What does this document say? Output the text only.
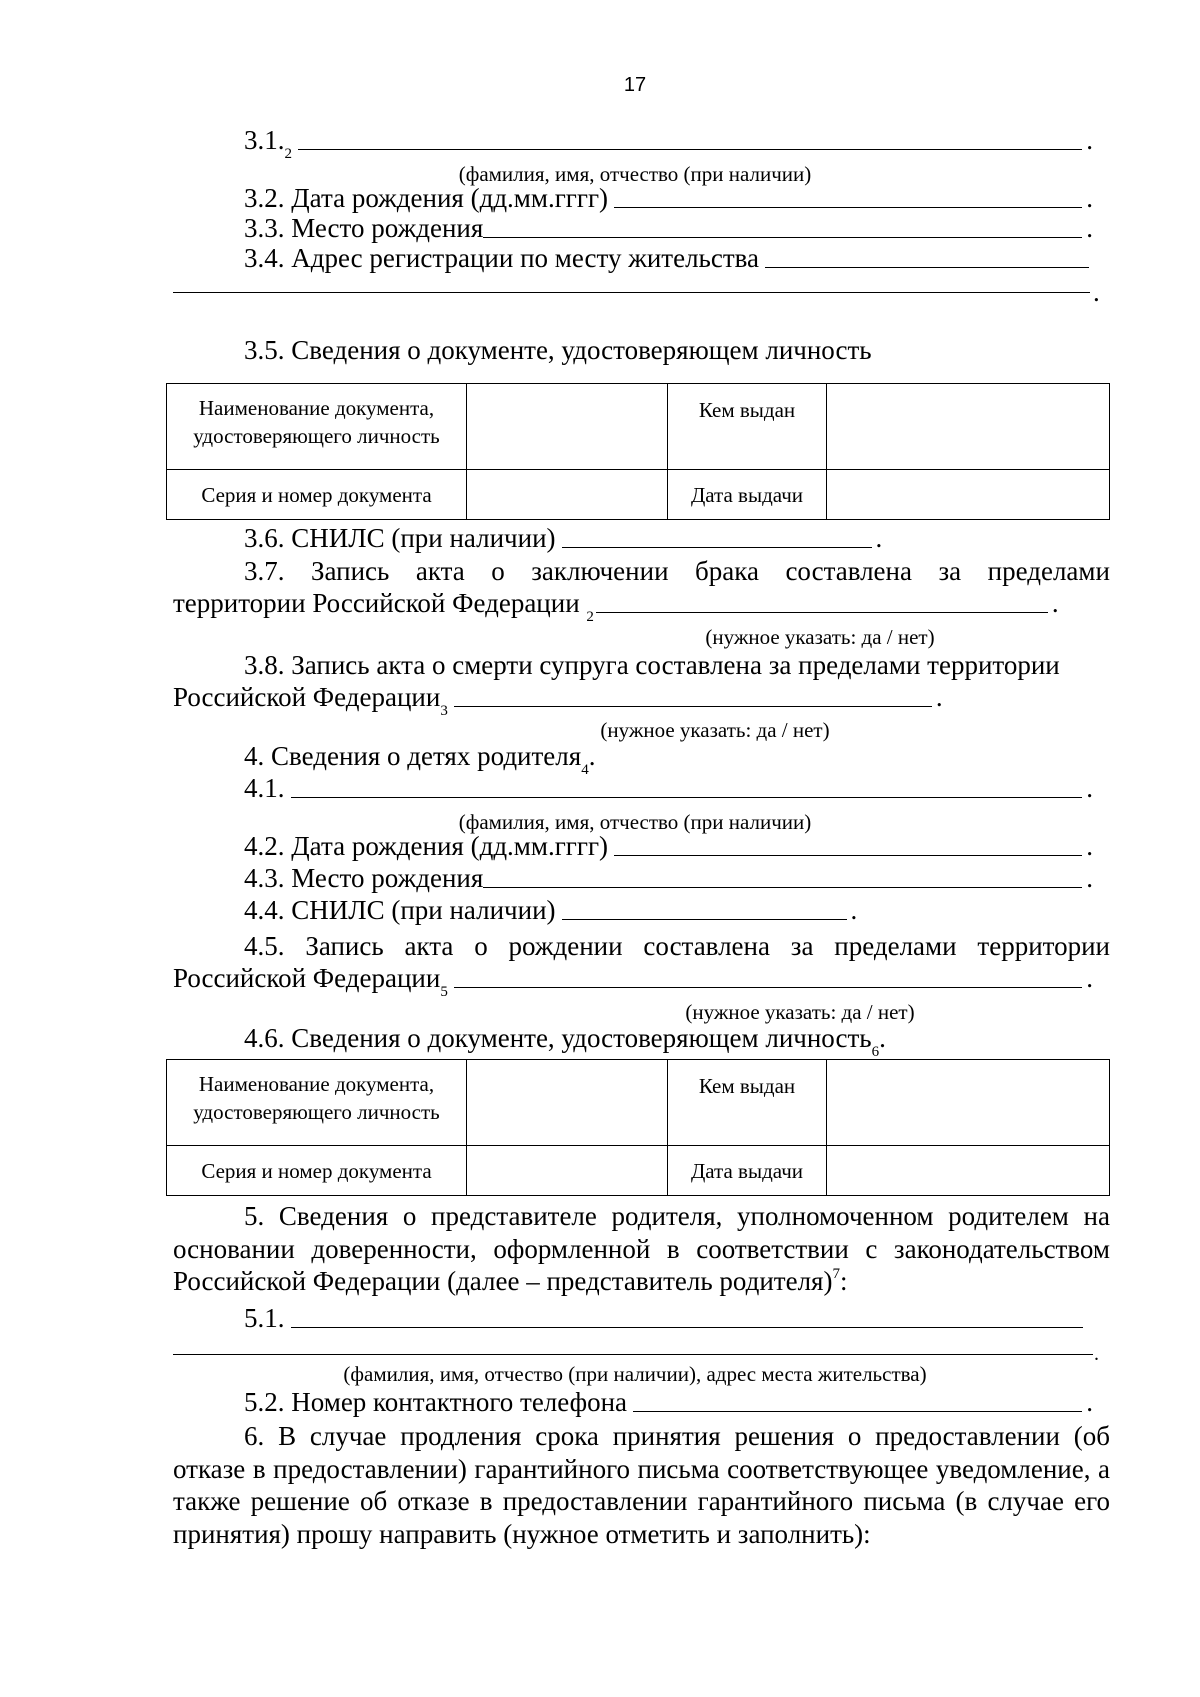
17
3.1.$^2$	.
(фамилия, имя, отчество (при наличии)
3.2. Дата рождения (дд.мм.гггг)	.
3.3. Место рождения	.
3.4. Адрес регистрации по месту жительства
.
3.5. Сведения о документе, удостоверяющем личность
Наименование документа,
удостоверяющего личность		Кем выдан	
Серия и номер документа		Дата выдачи	
3.6. СНИЛС (при наличии)	.
3.7. Запись акта о заключении брака составлена за пределами
территории Российской Федерации
$^2$	.
(нужное указать: да / нет)
3.8. Запись акта о смерти супруга составлена за пределами территории
Российской Федерации$^3$	.
(нужное указать: да / нет)
4. Сведения о детях родителя$^4$ .
4.1.	.
(фамилия, имя, отчество (при наличии)
4.2. Дата рождения (дд.мм.гггг)	.
4.3. Место рождения	.
4.4. СНИЛС (при наличии)	.
4.5. Запись акта о рождении составлена за пределами территории
Российской Федерации$^5$	.
(нужное указать: да / нет)
4.6. Сведения о документе, удостоверяющем личность$^6$ .
Наименование документа,
удостоверяющего личность		Кем выдан	
Серия и номер документа		Дата выдачи	
5. Сведения о представителе родителя, уполномоченном родителем на основании доверенности, оформленной в соответствии с законодательством Российской Федерации (далее – представитель родителя)$^7$:
5.1.
.
(фамилия, имя, отчество (при наличии), адрес места жительства)
5.2. Номер контактного телефона	.
6. В случае продления срока принятия решения о предоставлении (об отказе в предоставлении) гарантийного письма соответствующее уведомление, а также решение об отказе в предоставлении гарантийного письма (в случае его принятия) прошу направить (нужное отметить и заполнить):
